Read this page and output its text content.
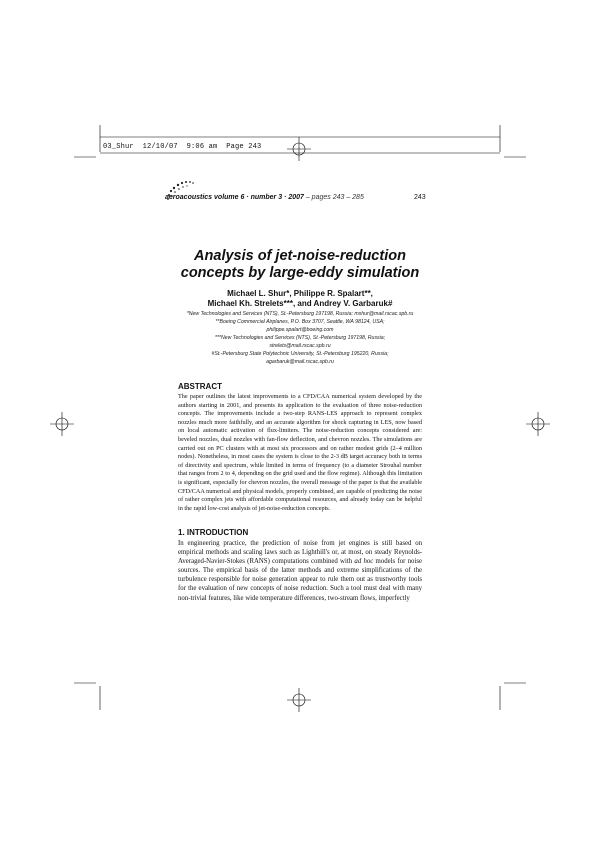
03_Shur  12/10/07  9:06 am  Page 243
aeroacoustics volume 6 · number 3 · 2007 – pages 243 – 285	243
Analysis of jet-noise-reduction
concepts by large-eddy simulation
Michael L. Shur*, Philippe R. Spalart**,
Michael Kh. Strelets***, and Andrey V. Garbaruk#
*New Technologies and Services (NTS), St.-Petersburg 197198, Russia; mshur@mail.rscac.spb.ru
**Boeing Commercial Airplanes, P.O. Box 3707, Seattle, WA 98124, USA;
philippe.spalart@boeing.com
***New Technologies and Services (NTS), St.-Petersburg 197198, Russia;
strelets@mail.rscac.spb.ru
#St.-Petersburg State Polytechnic University, St.-Petersburg 195220, Russia;
agarbaruk@mail.rscac.spb.ru
ABSTRACT
The paper outlines the latest improvements to a CFD/CAA numerical system developed by the authors starting in 2001, and presents its application to the evaluation of three noise-reduction concepts. The improvements include a two-step RANS-LES approach to represent complex nozzles much more faithfully, and an accurate algorithm for shock capturing in LES, now based on local automatic activation of flux-limiters. The noise-reduction concepts considered are: beveled nozzles, dual nozzles with fan-flow deflection, and chevron nozzles. The simulations are carried out on PC clusters with at most six processors and on rather modest grids (2–4 million nodes). Nonetheless, in most cases the system is close to the 2-3 dB target accuracy both in terms of directivity and spectrum, while limited in terms of frequency (to a diameter Strouhal number that ranges from 2 to 4, depending on the grid used and the flow regime). Although this limitation is significant, especially for chevron nozzles, the overall message of the paper is that the available CFD/CAA numerical and physical models, properly combined, are capable of predicting the noise of rather complex jets with affordable computational resources, and already today can be helpful in the rapid low-cost analysis of jet-noise-reduction concepts.
1. INTRODUCTION
In engineering practice, the prediction of noise from jet engines is still based on empirical methods and scaling laws such as Lighthill's or, at most, on steady Reynolds-Averaged-Navier-Stokes (RANS) computations combined with ad hoc models for noise sources. The empirical basis of the latter methods and extreme simplifications of the turbulence responsible for noise generation appear to rule them out as trustworthy tools for the evaluation of new concepts of noise reduction. Such a tool must deal with many non-trivial features, like wide temperature differences, two-stream flows, imperfectly
